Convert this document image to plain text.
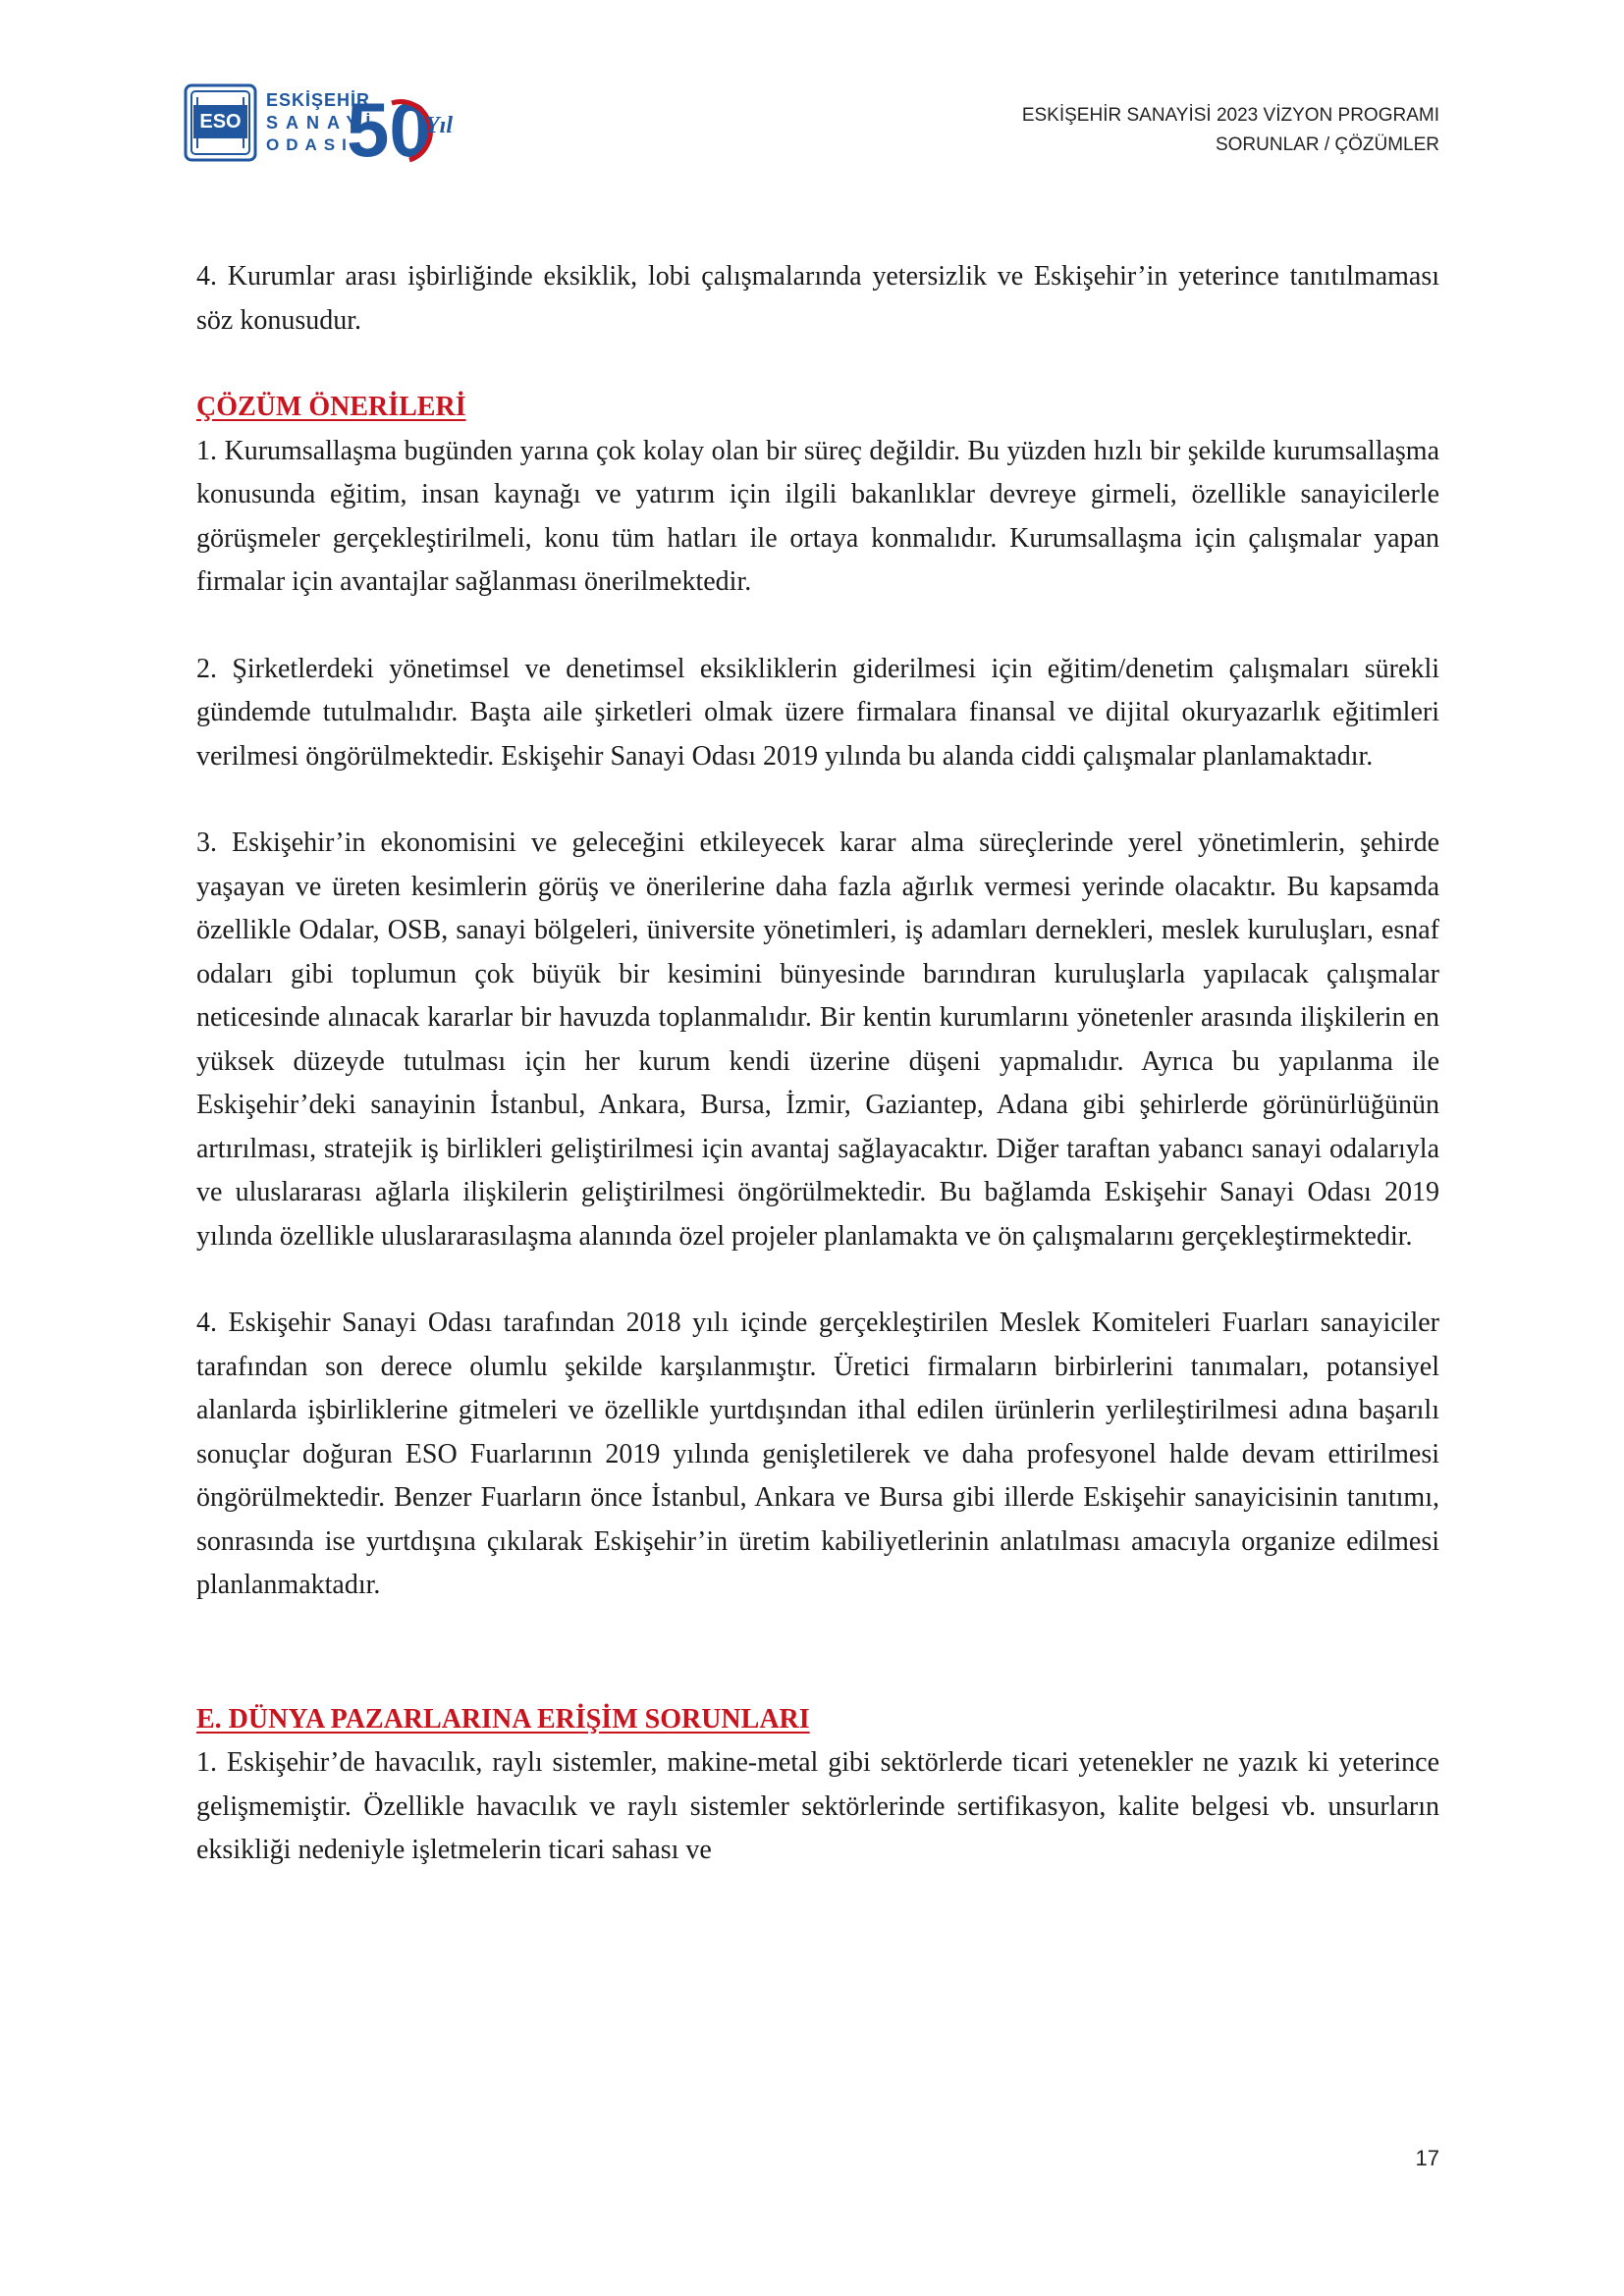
ESO
ESKİŞEHİR
SANAYİ
ODASI
50
Yıl	ESKİŞEHİR SANAYİSİ 2023 VİZYON PROGRAMI
SORUNLAR / ÇÖZÜMLER

4. Kurumlar arası işbirliğinde eksiklik, lobi çalışmalarında yetersizlik ve Eskişehir’in yeterince tanıtılmaması söz konusudur.

ÇÖZÜM ÖNERİLERİ

1. Kurumsallaşma bugünden yarına çok kolay olan bir süreç değildir. Bu yüzden hızlı bir şekilde kurumsallaşma konusunda eğitim, insan kaynağı ve yatırım için ilgili bakanlıklar devreye girmeli, özellikle sanayicilerle görüşmeler gerçekleştirilmeli, konu tüm hatları ile ortaya konmalıdır. Kurumsallaşma için çalışmalar yapan firmalar için avantajlar sağlanması önerilmektedir.

2. Şirketlerdeki yönetimsel ve denetimsel eksikliklerin giderilmesi için eğitim/denetim çalışmaları sürekli gündemde tutulmalıdır. Başta aile şirketleri olmak üzere firmalara finansal ve dijital okuryazarlık eğitimleri verilmesi öngörülmektedir. Eskişehir Sanayi Odası 2019 yılında bu alanda ciddi çalışmalar planlamaktadır.

3. Eskişehir’in ekonomisini ve geleceğini etkileyecek karar alma süreçlerinde yerel yönetimlerin, şehirde yaşayan ve üreten kesimlerin görüş ve önerilerine daha fazla ağırlık vermesi yerinde olacaktır. Bu kapsamda özellikle Odalar, OSB, sanayi bölgeleri, üniversite yönetimleri, iş adamları dernekleri, meslek kuruluşları, esnaf odaları gibi toplumun çok büyük bir kesimini bünyesinde barındıran kuruluşlarla yapılacak çalışmalar neticesinde alınacak kararlar bir havuzda toplanmalıdır. Bir kentin kurumlarını yönetenler arasında ilişkilerin en yüksek düzeyde tutulması için her kurum kendi üzerine düşeni yapmalıdır. Ayrıca bu yapılanma ile Eskişehir’deki sanayinin İstanbul, Ankara, Bursa, İzmir, Gaziantep, Adana gibi şehirlerde görünürlüğünün artırılması, stratejik iş birlikleri geliştirilmesi için avantaj sağlayacaktır. Diğer taraftan yabancı sanayi odalarıyla ve uluslararası ağlarla ilişkilerin geliştirilmesi öngörülmektedir. Bu bağlamda Eskişehir Sanayi Odası 2019 yılında özellikle uluslararasılaşma alanında özel projeler planlamakta ve ön çalışmalarını gerçekleştirmektedir.

4. Eskişehir Sanayi Odası tarafından 2018 yılı içinde gerçekleştirilen Meslek Komiteleri Fuarları sanayiciler tarafından son derece olumlu şekilde karşılanmıştır. Üretici firmaların birbirlerini tanımaları, potansiyel alanlarda işbirliklerine gitmeleri ve özellikle yurtdışından ithal edilen ürünlerin yerlileştirilmesi adına başarılı sonuçlar doğuran ESO Fuarlarının 2019 yılında genişletilerek ve daha profesyonel halde devam ettirilmesi öngörülmektedir. Benzer Fuarların önce İstanbul, Ankara ve Bursa gibi illerde Eskişehir sanayicisinin tanıtımı, sonrasında ise yurtdışına çıkılarak Eskişehir’in üretim kabiliyetlerinin anlatılması amacıyla organize edilmesi planlanmaktadır.

E. DÜNYA PAZARLARINA ERİŞİM SORUNLARI

1. Eskişehir’de havacılık, raylı sistemler, makine-metal gibi sektörlerde ticari yetenekler ne yazık ki yeterince gelişmemiştir. Özellikle havacılık ve raylı sistemler sektörlerinde sertifikasyon, kalite belgesi vb. unsurların eksikliği nedeniyle işletmelerin ticari sahası ve

17
